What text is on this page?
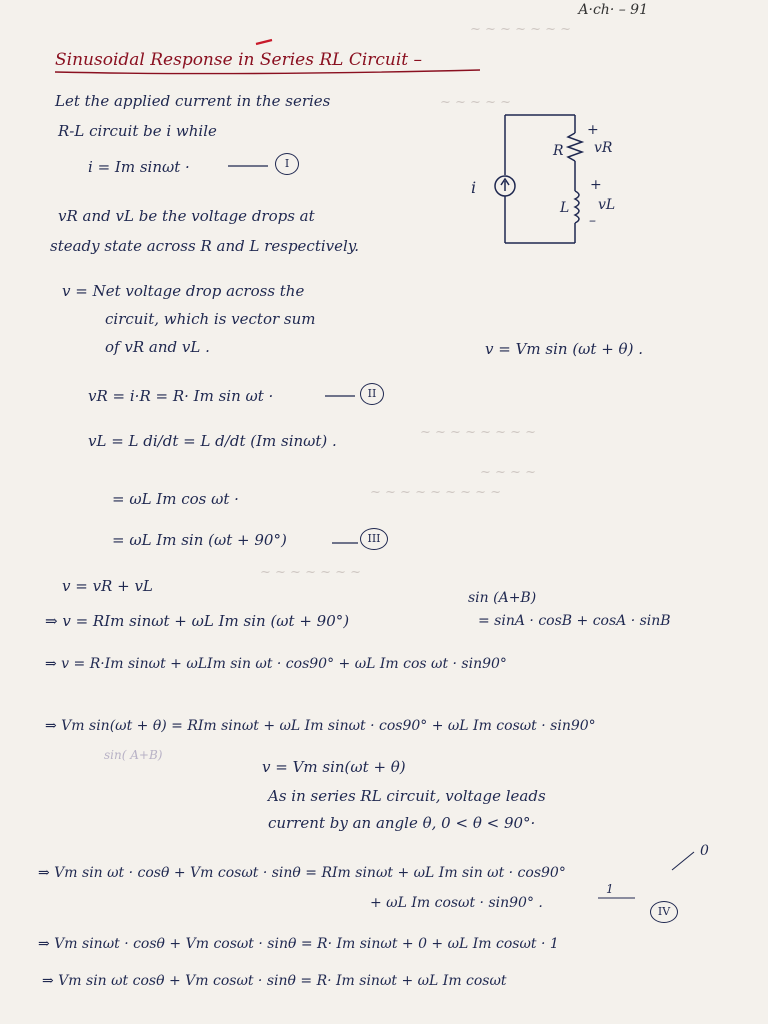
~ ~ ~ ~ ~ ~ ~
~ ~ ~ ~ ~
~ ~ ~ ~ ~ ~ ~ ~
~ ~ ~ ~
~ ~ ~ ~ ~ ~ ~ ~ ~
~ ~ ~ ~ ~ ~ ~
A·ch· – 91
Sinusoidal Response in Series RL Circuit –
Let the applied current in the series
R-L circuit be i while
i = Im sinωt ·	I
i
R
L
vR
vL
+
+
–
vR and vL be the voltage drops at
steady state across R and L respectively.
v = Net voltage drop across the
circuit, which is vector sum
of vR and vL .	v = Vm sin (ωt + θ) .
vR = i·R = R· Im sin ωt ·	II
vL = L di/dt = L d/dt (Im sinωt) .
= ωL Im cos ωt ·
= ωL Im sin (ωt + 90°)	III
v = vR + vL
⇒ v = RIm sinωt + ωL Im sin (ωt + 90°)
sin (A+B)
= sinA · cosB + cosA · sinB
⇒ v = R·Im sinωt + ωLIm sin ωt · cos90° + ωL Im cos ωt · sin90°
⇒ Vm sin(ωt + θ) = RIm sinωt + ωL Im sinωt · cos90° + ωL Im cosωt · sin90°
sin( A+B)
v = Vm sin(ωt + θ)
As in series RL circuit, voltage leads
current by an angle θ, 0 < θ < 90°·
⇒ Vm sin ωt · cosθ + Vm cosωt · sinθ = RIm sinωt + ωL Im sin ωt · cos90°
+ ωL Im cosωt · sin90° .
0
1
IV
⇒ Vm sinωt · cosθ + Vm cosωt · sinθ = R· Im sinωt + 0 + ωL Im cosωt · 1
⇒ Vm sin ωt cosθ + Vm cosωt · sinθ = R· Im sinωt + ωL Im cosωt
